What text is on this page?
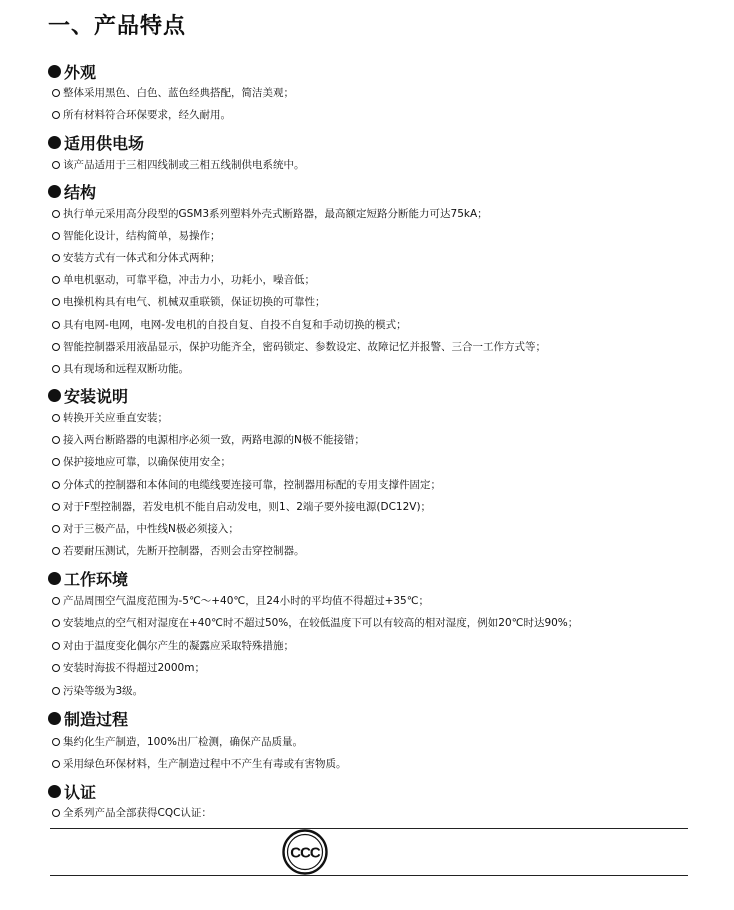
一、产品特点
外观
整体采用黑色、白色、蓝色经典搭配，简洁美观；
所有材料符合环保要求，经久耐用。
适用供电场
该产品适用于三相四线制或三相五线制供电系统中。
结构
执行单元采用高分段型的GSM3系列塑料外壳式断路器，最高额定短路分断能力可达75kA；
智能化设计，结构简单，易操作；
安装方式有一体式和分体式两种；
单电机驱动，可靠平稳，冲击力小，功耗小，噪音低；
电操机构具有电气、机械双重联锁，保证切换的可靠性；
具有电网-电网，电网-发电机的自投自复、自投不自复和手动切换的模式；
智能控制器采用液晶显示，保护功能齐全，密码锁定、参数设定、故障记忆并报警、三合一工作方式等；
具有现场和远程双断功能。
安装说明
转换开关应垂直安装；
接入两台断路器的电源相序必须一致，两路电源的N极不能接错；
保护接地应可靠，以确保使用安全；
分体式的控制器和本体间的电缆线要连接可靠，控制器用标配的专用支撑件固定；
对于F型控制器，若发电机不能自启动发电，则1、2端子要外接电源(DC12V)；
对于三极产品，中性线N极必须接入；
若要耐压测试，先断开控制器，否则会击穿控制器。
工作环境
产品周围空气温度范围为-5℃～+40℃，且24小时的平均值不得超过+35℃；
安装地点的空气相对湿度在+40℃时不超过50%，在较低温度下可以有较高的相对湿度，例如20℃时达90%；
对由于温度变化偶尔产生的凝露应采取特殊措施；
安装时海拔不得超过2000m；
污染等级为3级。
制造过程
集约化生产制造，100%出厂检测，确保产品质量。
采用绿色环保材料，生产制造过程中不产生有毒或有害物质。
认证
全系列产品全部获得CQC认证：
CCC
